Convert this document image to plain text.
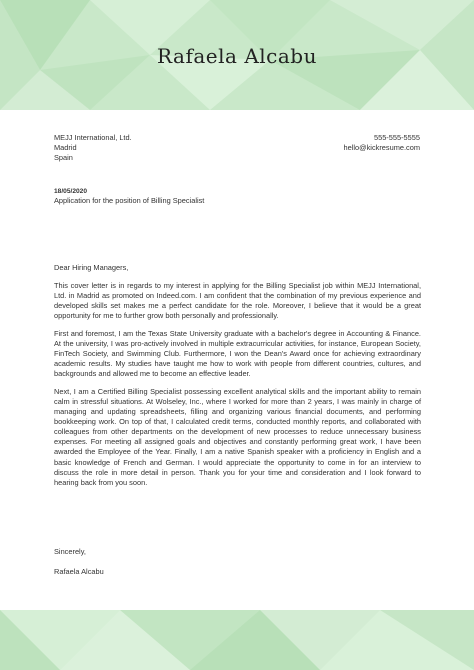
Rafaela Alcabu
MEJJ International, Ltd.
Madrid
Spain
555-555-5555
hello@kickresume.com
18/05/2020
Application for the position of Billing Specialist
Dear Hiring Managers,

This cover letter is in regards to my interest in applying for the Billing Specialist job within MEJJ International, Ltd. in Madrid as promoted on Indeed.com. I am confident that the combination of my previous experience and developed skills set makes me a perfect candidate for the role. Moreover, I believe that it would be a great opportunity for me to further grow both personally and professionally.

First and foremost, I am the Texas State University graduate with a bachelor's degree in Accounting & Finance. At the university, I was pro-actively involved in multiple extracurricular activities, for instance, European Society, FinTech Society, and Swimming Club. Furthermore, I won the Dean's Award once for achieving extraordinary academic results. My studies have taught me how to work with people from different countries, cultures, and backgrounds and allowed me to become an effective leader.

Next, I am a Certified Billing Specialist possessing excellent analytical skills and the important ability to remain calm in stressful situations. At Wolseley, Inc., where I worked for more than 2 years, I was mainly in charge of managing and updating spreadsheets, filling and organizing various financial documents, and performing bookkeeping work. On top of that, I calculated credit terms, conducted monthly reports, and collaborated with colleagues from other departments on the development of new processes to reduce unnecessary business expenses. For meeting all assigned goals and objectives and constantly performing great work, I have been awarded the Employee of the Year. Finally, I am a native Spanish speaker with a proficiency in English and a basic knowledge of French and German. I would appreciate the opportunity to come in for an interview to discuss the role in more detail in person. Thank you for your time and consideration and I look forward to hearing back from you soon.

Sincerely,
Rafaela Alcabu
